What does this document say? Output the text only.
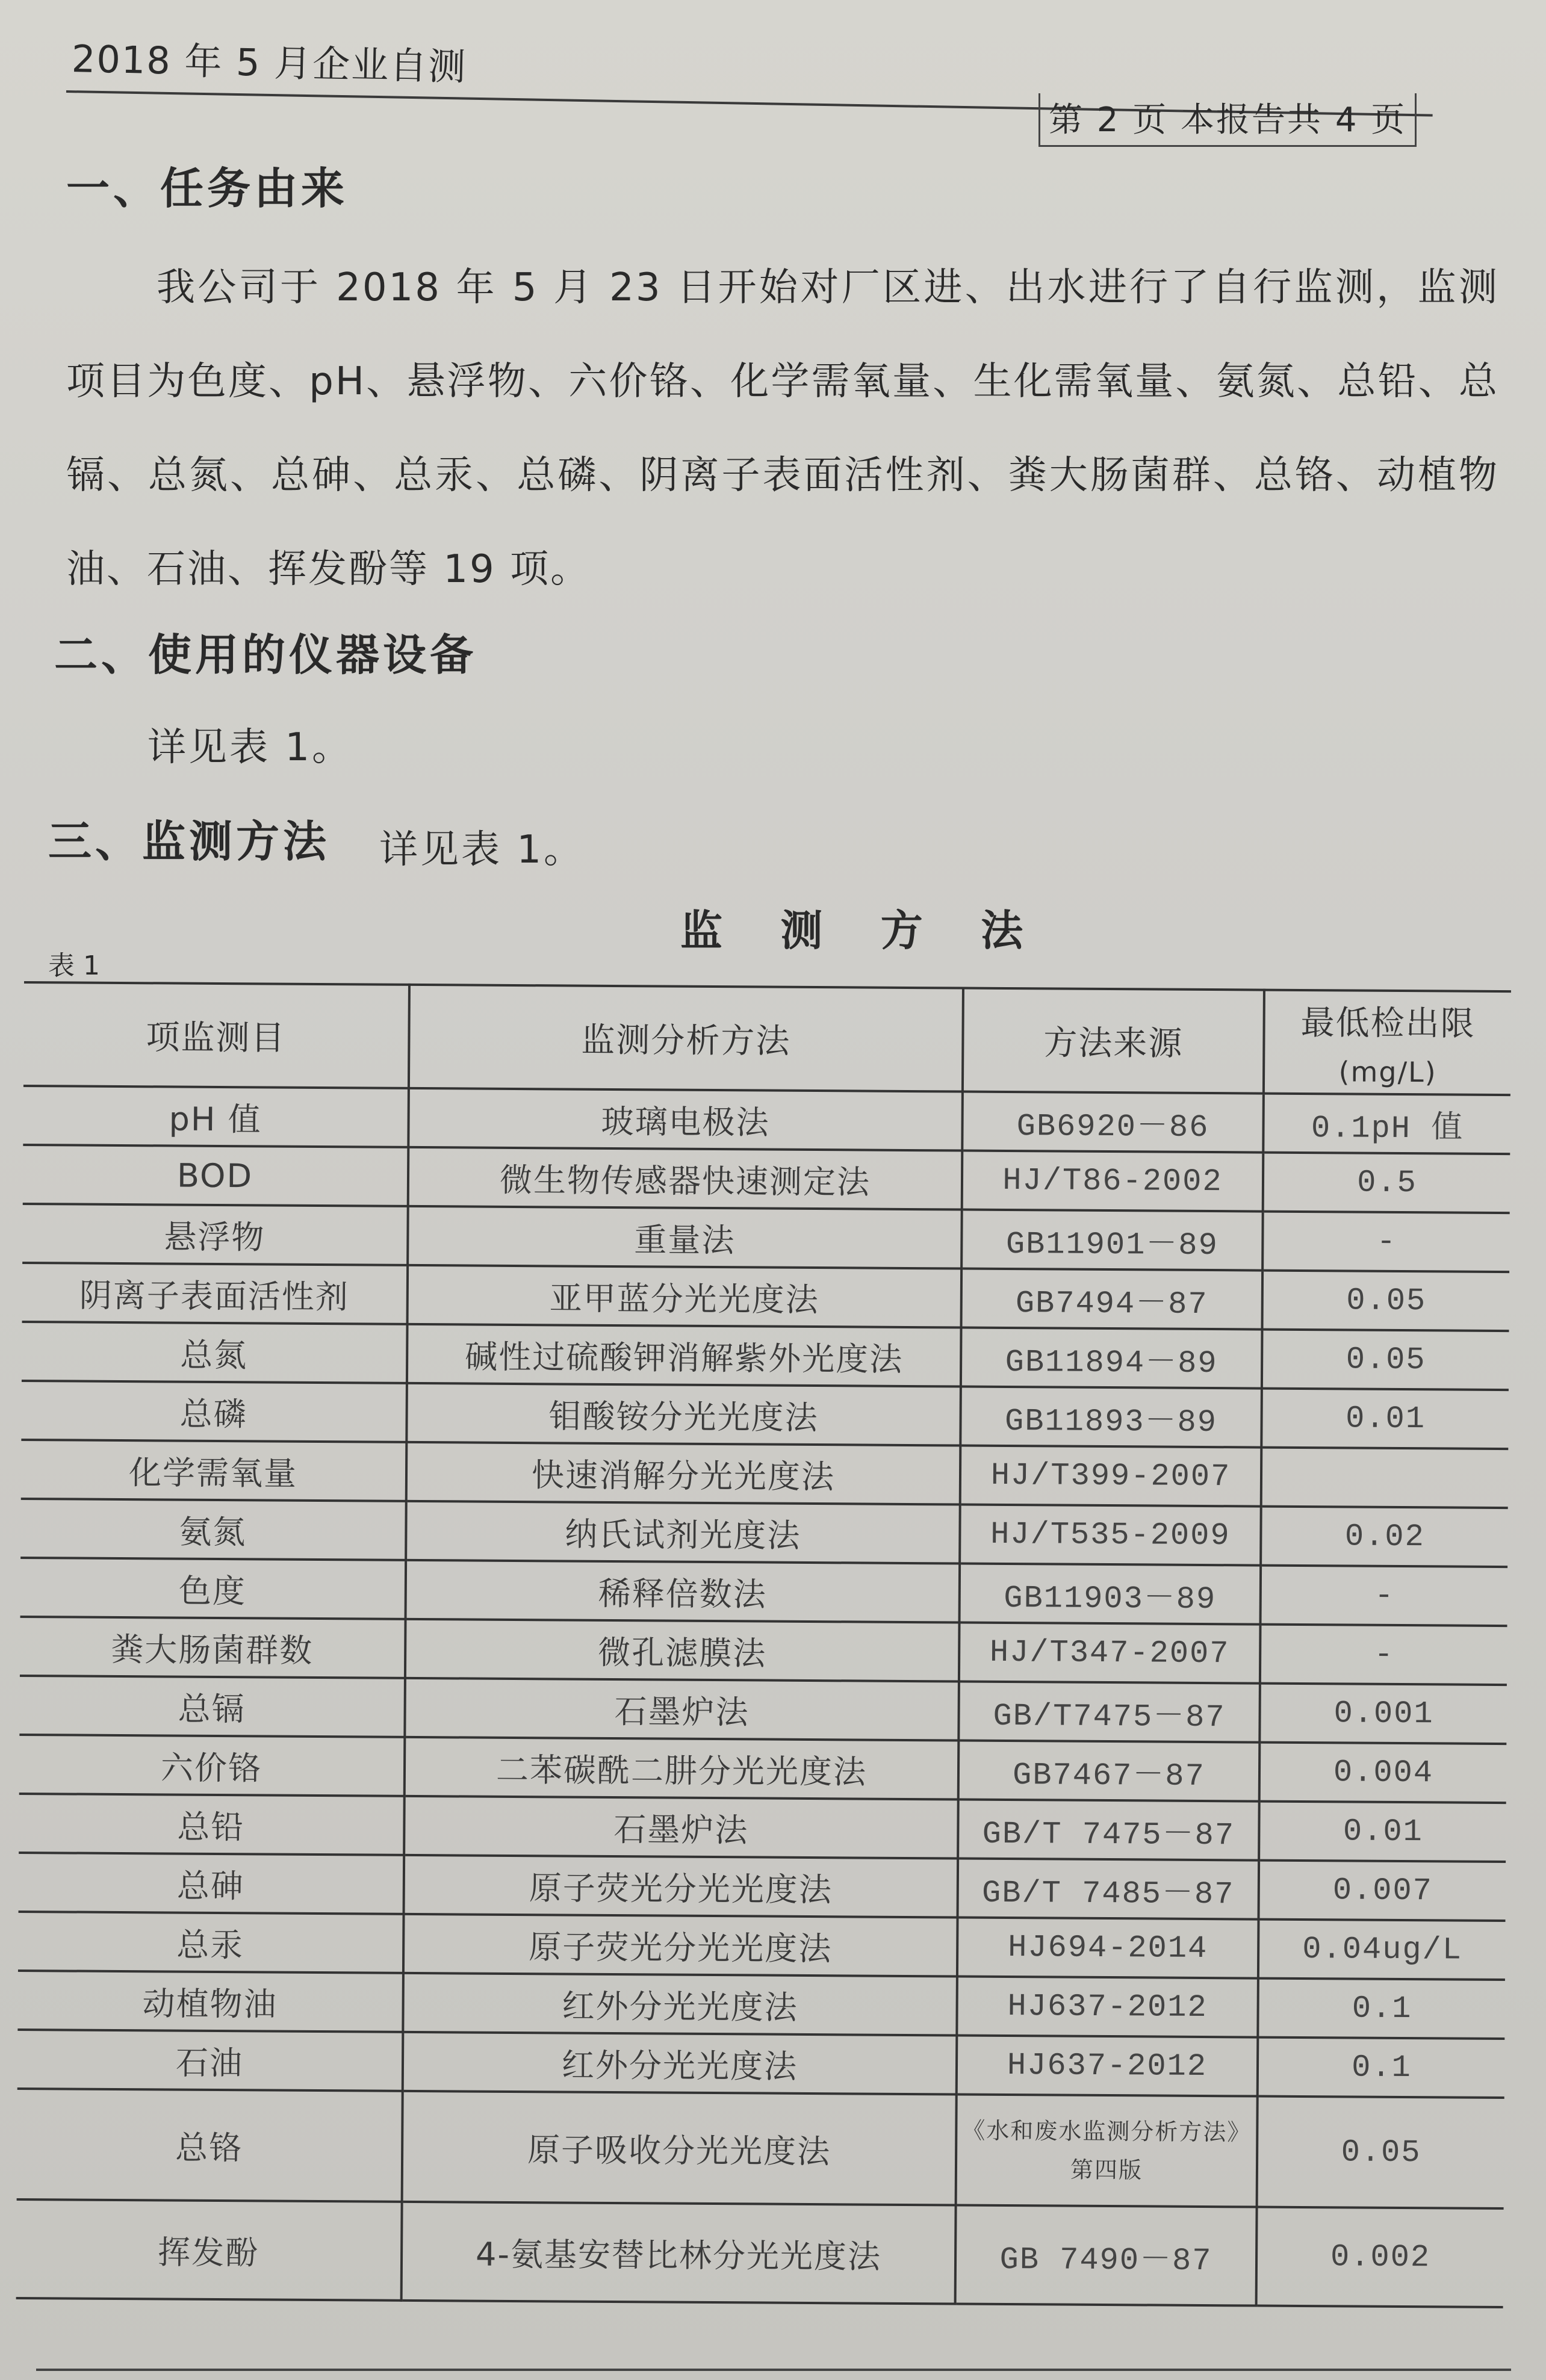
2018 年 5 月企业自测
第 2 页 本报告共 4 页
一、任务由来
我公司于 2018 年 5 月 23 日开始对厂区进、出水进行了自行监测，监测项目为色度、pH、悬浮物、六价铬、化学需氧量、生化需氧量、氨氮、总铅、总镉、总氮、总砷、总汞、总磷、阴离子表面活性剂、粪大肠菌群、总铬、动植物油、石油、挥发酚等 19 项。
二、使用的仪器设备
详见表 1。
三、监测方法 详见表 1。
监 测 方 法
表 1
项监测目	监测分析方法	方法来源	最低检出限
(mg/L)

pH 值	玻璃电极法	GB6920－86	0.1pH 值
BOD	微生物传感器快速测定法	HJ/T86-2002	0.5
悬浮物	重量法	GB11901－89	-
阴离子表面活性剂	亚甲蓝分光光度法	GB7494－87	0.05
总氮	碱性过硫酸钾消解紫外光度法	GB11894－89	0.05
总磷	钼酸铵分光光度法	GB11893－89	0.01
化学需氧量	快速消解分光光度法	HJ/T399-2007	
氨氮	纳氏试剂光度法	HJ/T535-2009	0.02
色度	稀释倍数法	GB11903－89	-
粪大肠菌群数	微孔滤膜法	HJ/T347-2007	-
总镉	石墨炉法	GB/T7475－87	0.001
六价铬	二苯碳酰二肼分光光度法	GB7467－87	0.004
总铅	石墨炉法	GB/T 7475－87	0.01
总砷	原子荧光分光光度法	GB/T 7485－87	0.007
总汞	原子荧光分光光度法	HJ694-2014	0.04ug/L
动植物油	红外分光光度法	HJ637-2012	0.1
石油	红外分光光度法	HJ637-2012	0.1
总铬	原子吸收分光光度法	《水和废水监测分析方法》第四版	0.05
挥发酚	4-氨基安替比林分光光度法	GB 7490－87	0.002
